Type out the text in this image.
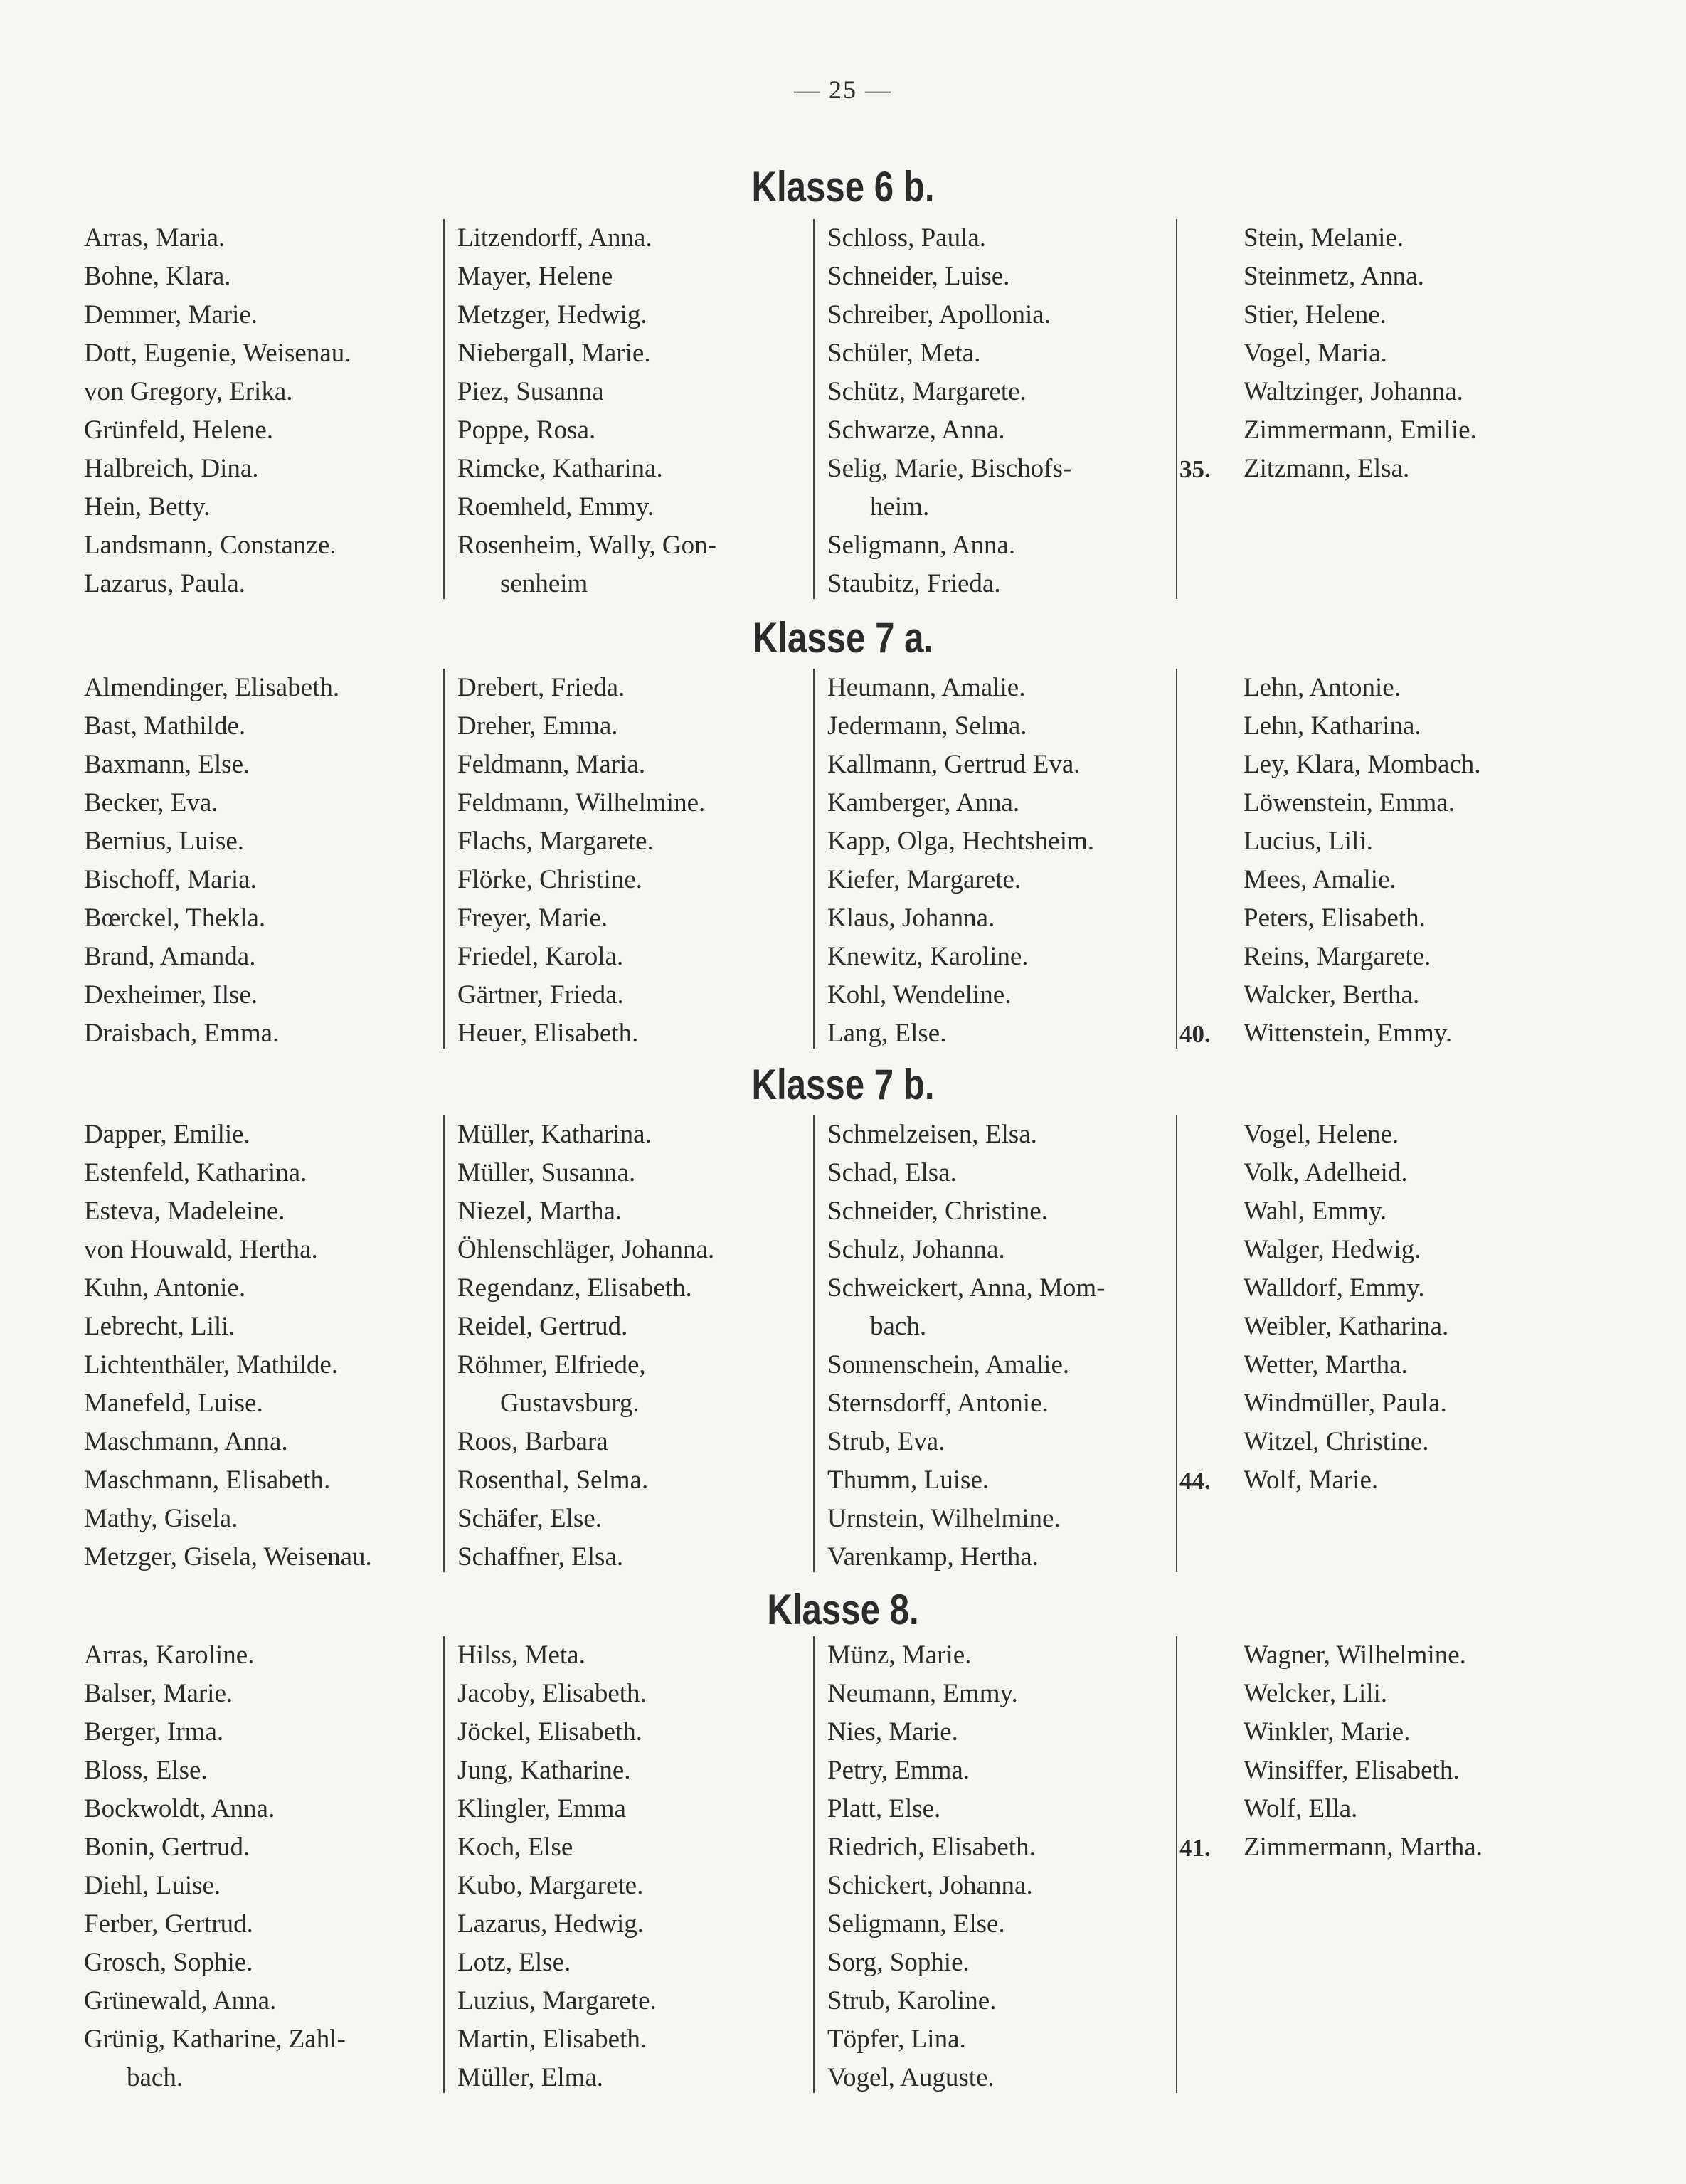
— 25 —
Klasse 6 b.
Arras, Maria.
Bohne, Klara.
Demmer, Marie.
Dott, Eugenie, Weisenau.
von Gregory, Erika.
Grünfeld, Helene.
Halbreich, Dina.
Hein, Betty.
Landsmann, Constanze.
Lazarus, Paula.
Litzendorff, Anna.
Mayer, Helene
Metzger, Hedwig.
Niebergall, Marie.
Piez, Susanna
Poppe, Rosa.
Rimcke, Katharina.
Roemheld, Emmy.
Rosenheim, Wally, Gon-
senheim
Schloss, Paula.
Schneider, Luise.
Schreiber, Apollonia.
Schüler, Meta.
Schütz, Margarete.
Schwarze, Anna.
Selig, Marie, Bischofs-
heim.
Seligmann, Anna.
Staubitz, Frieda.
Stein, Melanie.
Steinmetz, Anna.
Stier, Helene.
Vogel, Maria.
Waltzinger, Johanna.
Zimmermann, Emilie.
Zitzmann, Elsa.
35.
Klasse 7 a.
Almendinger, Elisabeth.
Bast, Mathilde.
Baxmann, Else.
Becker, Eva.
Bernius, Luise.
Bischoff, Maria.
Bœrckel, Thekla.
Brand, Amanda.
Dexheimer, Ilse.
Draisbach, Emma.
Drebert, Frieda.
Dreher, Emma.
Feldmann, Maria.
Feldmann, Wilhelmine.
Flachs, Margarete.
Flörke, Christine.
Freyer, Marie.
Friedel, Karola.
Gärtner, Frieda.
Heuer, Elisabeth.
Heumann, Amalie.
Jedermann, Selma.
Kallmann, Gertrud Eva.
Kamberger, Anna.
Kapp, Olga, Hechtsheim.
Kiefer, Margarete.
Klaus, Johanna.
Knewitz, Karoline.
Kohl, Wendeline.
Lang, Else.
Lehn, Antonie.
Lehn, Katharina.
Ley, Klara, Mombach.
Löwenstein, Emma.
Lucius, Lili.
Mees, Amalie.
Peters, Elisabeth.
Reins, Margarete.
Walcker, Bertha.
Wittenstein, Emmy.
40.
Klasse 7 b.
Dapper, Emilie.
Estenfeld, Katharina.
Esteva, Madeleine.
von Houwald, Hertha.
Kuhn, Antonie.
Lebrecht, Lili.
Lichtenthäler, Mathilde.
Manefeld, Luise.
Maschmann, Anna.
Maschmann, Elisabeth.
Mathy, Gisela.
Metzger, Gisela, Weisenau.
Müller, Katharina.
Müller, Susanna.
Niezel, Martha.
Öhlenschläger, Johanna.
Regendanz, Elisabeth.
Reidel, Gertrud.
Röhmer, Elfriede,
Gustavsburg.
Roos, Barbara
Rosenthal, Selma.
Schäfer, Else.
Schaffner, Elsa.
Schmelzeisen, Elsa.
Schad, Elsa.
Schneider, Christine.
Schulz, Johanna.
Schweickert, Anna, Mom-
bach.
Sonnenschein, Amalie.
Sternsdorff, Antonie.
Strub, Eva.
Thumm, Luise.
Urnstein, Wilhelmine.
Varenkamp, Hertha.
Vogel, Helene.
Volk, Adelheid.
Wahl, Emmy.
Walger, Hedwig.
Walldorf, Emmy.
Weibler, Katharina.
Wetter, Martha.
Windmüller, Paula.
Witzel, Christine.
Wolf, Marie.
44.
Klasse 8.
Arras, Karoline.
Balser, Marie.
Berger, Irma.
Bloss, Else.
Bockwoldt, Anna.
Bonin, Gertrud.
Diehl, Luise.
Ferber, Gertrud.
Grosch, Sophie.
Grünewald, Anna.
Grünig, Katharine, Zahl-
bach.
Hilss, Meta.
Jacoby, Elisabeth.
Jöckel, Elisabeth.
Jung, Katharine.
Klingler, Emma
Koch, Else
Kubo, Margarete.
Lazarus, Hedwig.
Lotz, Else.
Luzius, Margarete.
Martin, Elisabeth.
Müller, Elma.
Münz, Marie.
Neumann, Emmy.
Nies, Marie.
Petry, Emma.
Platt, Else.
Riedrich, Elisabeth.
Schickert, Johanna.
Seligmann, Else.
Sorg, Sophie.
Strub, Karoline.
Töpfer, Lina.
Vogel, Auguste.
Wagner, Wilhelmine.
Welcker, Lili.
Winkler, Marie.
Winsiffer, Elisabeth.
Wolf, Ella.
Zimmermann, Martha.
41.
